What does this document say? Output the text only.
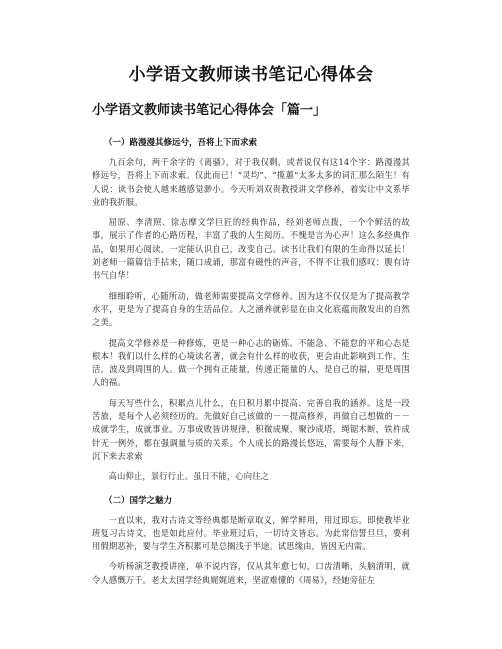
小学语文教师读书笔记心得体会
小学语文教师读书笔记心得体会「篇一」
（一）路漫漫其修远兮，吾将上下而求索

九百余句，两千余字的《离骚》，对于我仅剩，或者说仅有这14个字：路漫漫其修远兮，吾将上下而求索。仅此而已！“灵均”、“揽蕙”太多太多的词汇那么陌生！有人说：读书会使人越来越感觉渺小。今天听刘双贵教授讲文学修养，着实让中文系毕业的我折服。

屈原、李清照、徐志摩文学巨匠的经典作品，经刘老师点拨，一个个鲜活的故事，展示了作者的心路历程，丰富了我的人生阅历。不愧是言为心声！这么多经典作品，如果用心阅读，一定能认识自己，改变自己。读书让我们有限的生命得以延长！刘老师一篇篇信手拈来，随口成诵，那富有磁性的声音，不得不让我们感叹：腹有诗书气自华！

细细聆听，心随所动，做老师需要提高文学修养。因为这不仅仅是为了提高教学水平，更是为了提高自身的生活品位。人之涵养就彰显在由文化底蕴而散发出的自然之美。

提高文学修养是一种修炼，更是一种心志的砺炼。不能急、不能怠的平和心态是根本！我们以什么样的心境读名著，就会有什么样的收获，更会由此影响到工作、生活，波及到周围的人。做一个拥有正能量，传递正能量的人，是自己的福，更是周围人的福。

每天写些什么，积累点儿什么，在日积月累中提高、完善自我的涵养。这是一段苦旅，是每个人必须经历的。先做好自己该做的－－提高修养，再做自己想做的－－成就学生，成就事业。万事成败皆讲规律，积微成聚，聚沙成塔，绳锯木断，铁杵成针无一例外，都在强调量与质的关系。个人成长的路漫长悠远，需要每个人静下来，沉下来去求索

高山仰止，景行行止。虽日不能，心向往之

（二）国学之魅力

一直以来，我对古诗文等经典都是断章取义，鲜学鲜用，用过即忘。即使教毕业班复习古诗文，也是如此应付。毕业班过后，一切诗文皆忘。为此常信誓旦旦，要利用假期恶补，要与学生齐积累可是总搁浅于半途。试思缘由，皆因无内需。

今听杨演芝教授讲座，单不说内容，仅从其年愈七旬，口齿清晰，头脑清明，就令人感慨万千。老太太国学经典娓娓道来，坚涩难懂的《周易》，经她旁征左
